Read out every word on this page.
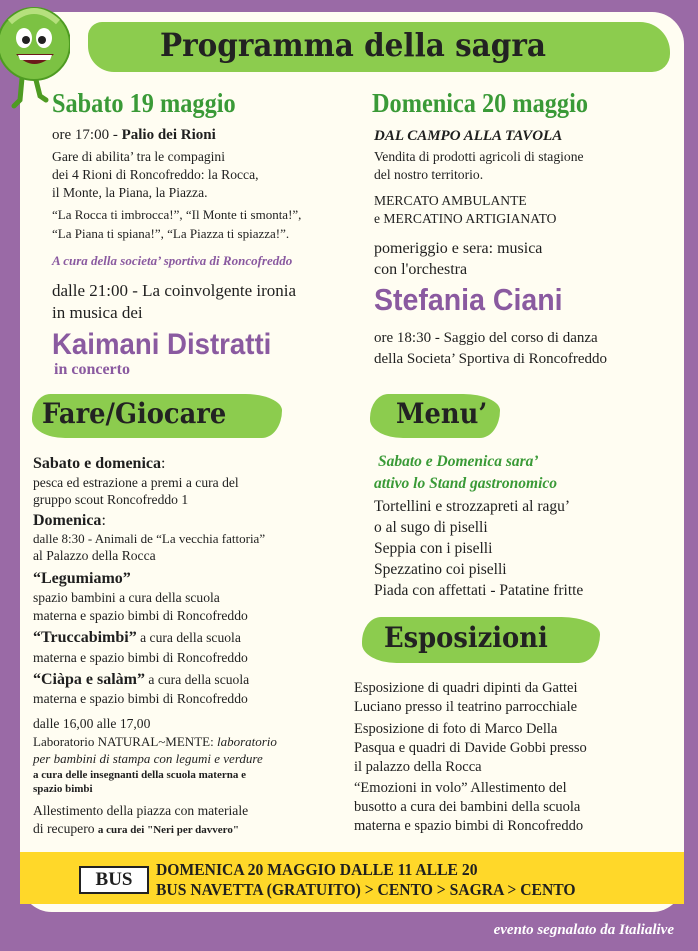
Programma della sagra
Sabato 19 maggio
ore 17:00 - Palio dei Rioni
Gare di abilita’ tra le compagini
dei 4 Rioni di Roncofreddo: la Rocca,
il Monte, la Piana, la Piazza.
“La Rocca ti imbrocca!”, “Il Monte ti smonta!”,
“La Piana ti spiana!”, “La Piazza ti spiazza!”.
A cura della societa’ sportiva di Roncofreddo
dalle 21:00 - La coinvolgente ironia
in musica dei
Kaimani Distratti
in concerto
Domenica 20 maggio
DAL CAMPO ALLA TAVOLA
Vendita di prodotti agricoli di stagione
del nostro territorio.
MERCATO AMBULANTE
e MERCATINO ARTIGIANATO
pomeriggio e sera: musica
con l'orchestra
Stefania Ciani
ore 18:30 - Saggio del corso di danza
della Societa’ Sportiva di Roncofreddo
Fare/Giocare
Sabato e domenica:
pesca ed estrazione a premi a cura del
gruppo scout Roncofreddo 1
Domenica:
dalle 8:30 - Animali de “La vecchia fattoria”
al Palazzo della Rocca
“Legumiamo”
spazio bambini a cura della scuola
materna e spazio bimbi di Roncofreddo
“Truccabimbi” a cura della scuola
materna e spazio bimbi di Roncofreddo
“Ciàpa e salàm” a cura della scuola
materna e spazio bimbi di Roncofreddo
dalle 16,00 alle 17,00
Laboratorio NATURAL~MENTE: laboratorio
per bambini di stampa con legumi e verdure
a cura delle insegnanti della scuola materna e
spazio bimbi
Allestimento della piazza con materiale
di recupero a cura dei "Neri per davvero"
Menu’
Sabato e Domenica sara’
attivo lo Stand gastronomico
Tortellini e strozzapreti al ragu’
o al sugo di piselli
Seppia con i piselli
Spezzatino coi piselli
Piada con affettati - Patatine fritte
Esposizioni
Esposizione di quadri dipinti da Gattei
Luciano presso il teatrino parrocchiale
Esposizione di foto di Marco Della
Pasqua e quadri di Davide Gobbi presso
il palazzo della Rocca
“Emozioni in volo” Allestimento del
busotto a cura dei bambini della scuola
materna e spazio bimbi di Roncofreddo
BUS	DOMENICA 20 MAGGIO DALLE 11 ALLE 20
BUS NAVETTA (GRATUITO) > CENTO > SAGRA > CENTO
evento segnalato da Italialive
